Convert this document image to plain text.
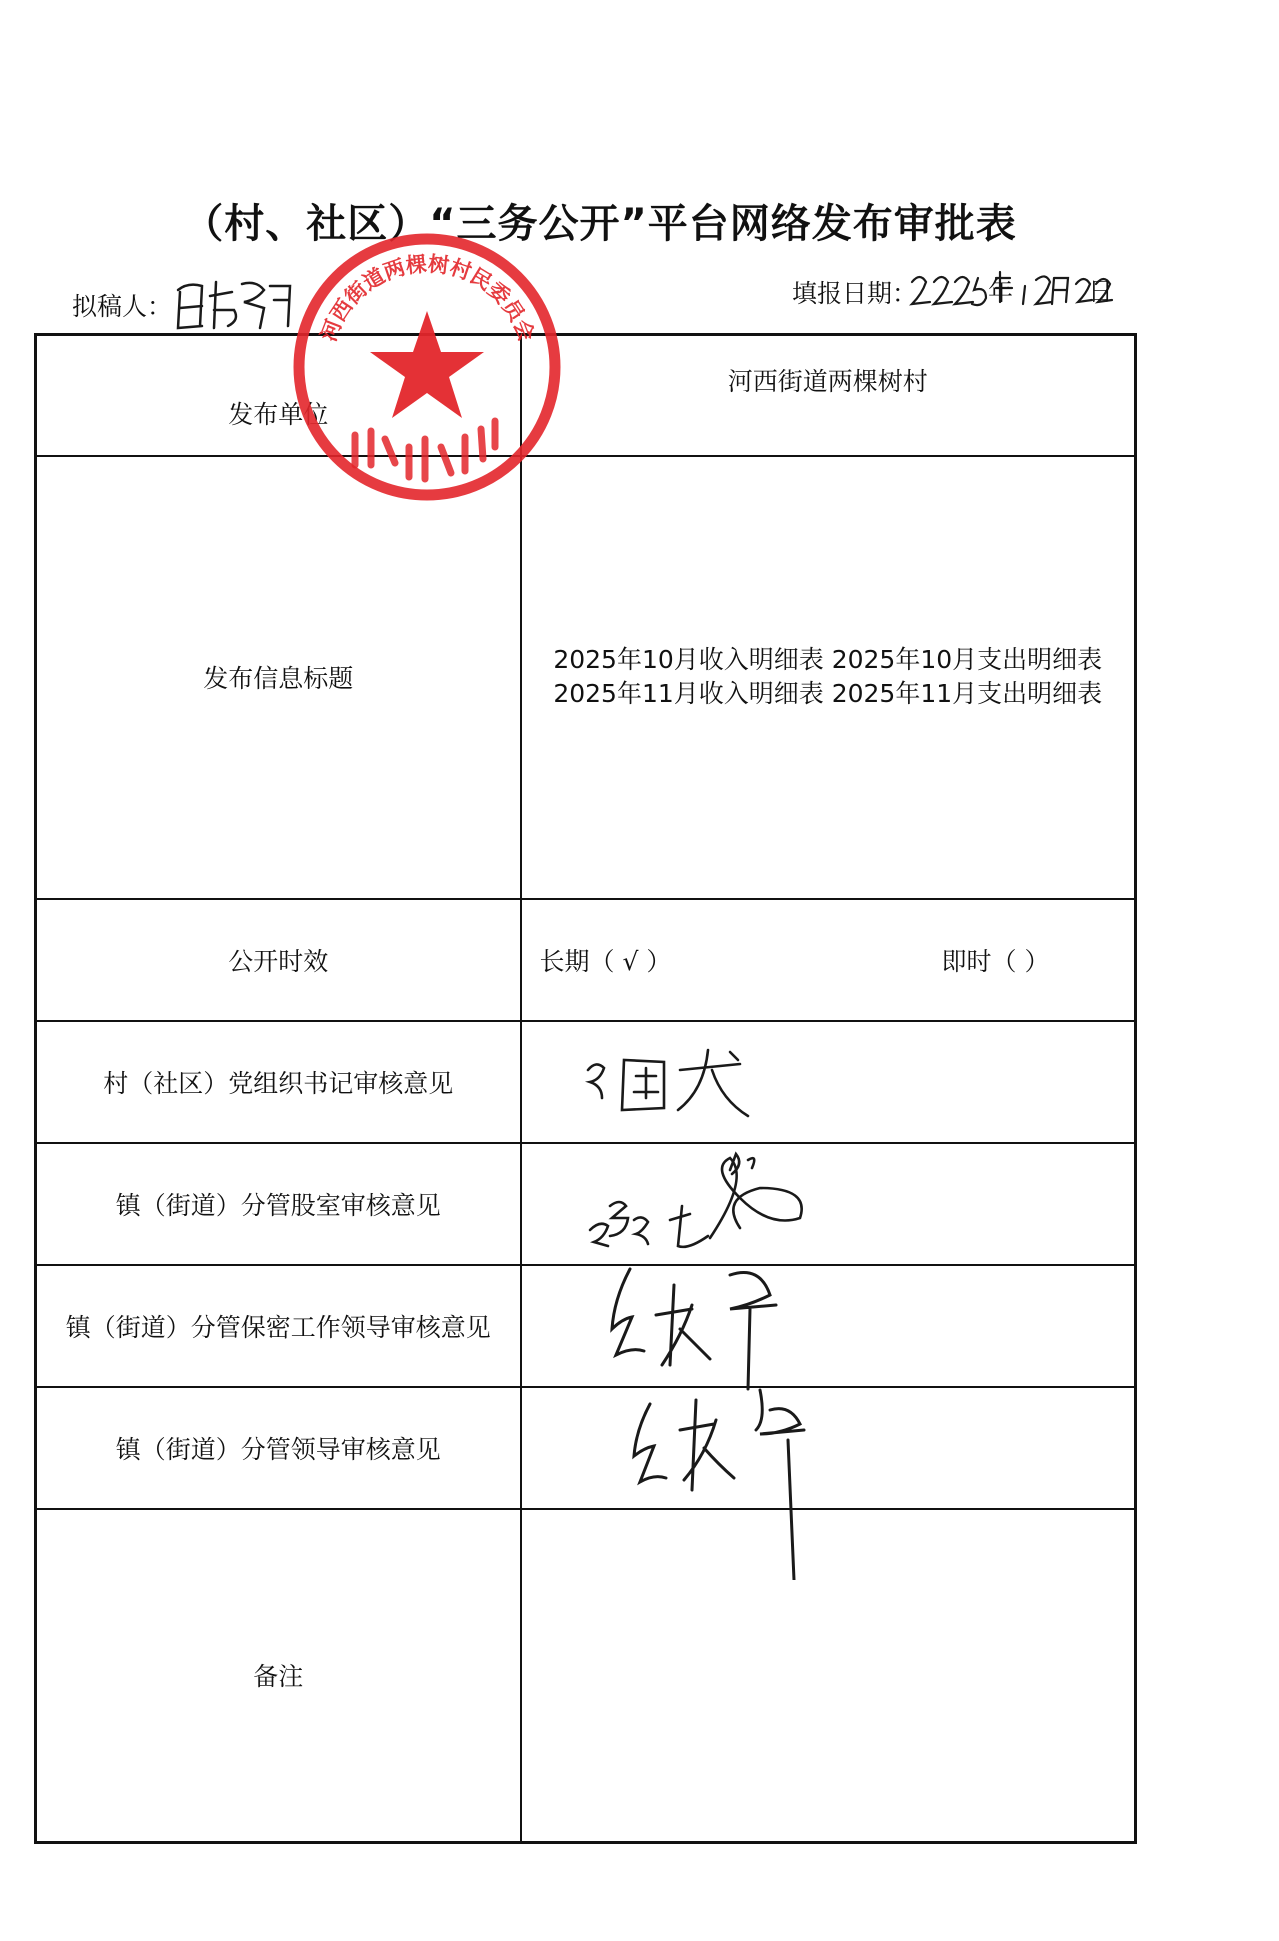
（村、社区）“三务公开”平台网络发布审批表
拟稿人：	填报日期：	年	日
发布单位	河西街道两棵树村
发布信息标题	2025年10月收入明细表 2025年10月支出明细表
2025年11月收入明细表 2025年11月支出明细表

公开时效	长期（ √ ） 即时（ ）

村（社区）党组织书记审核意见	
镇（街道）分管股室审核意见	
镇（街道）分管保密工作领导审核意见	
镇（街道）分管领导审核意见	
备注	
河西街道两棵树村民委员会
